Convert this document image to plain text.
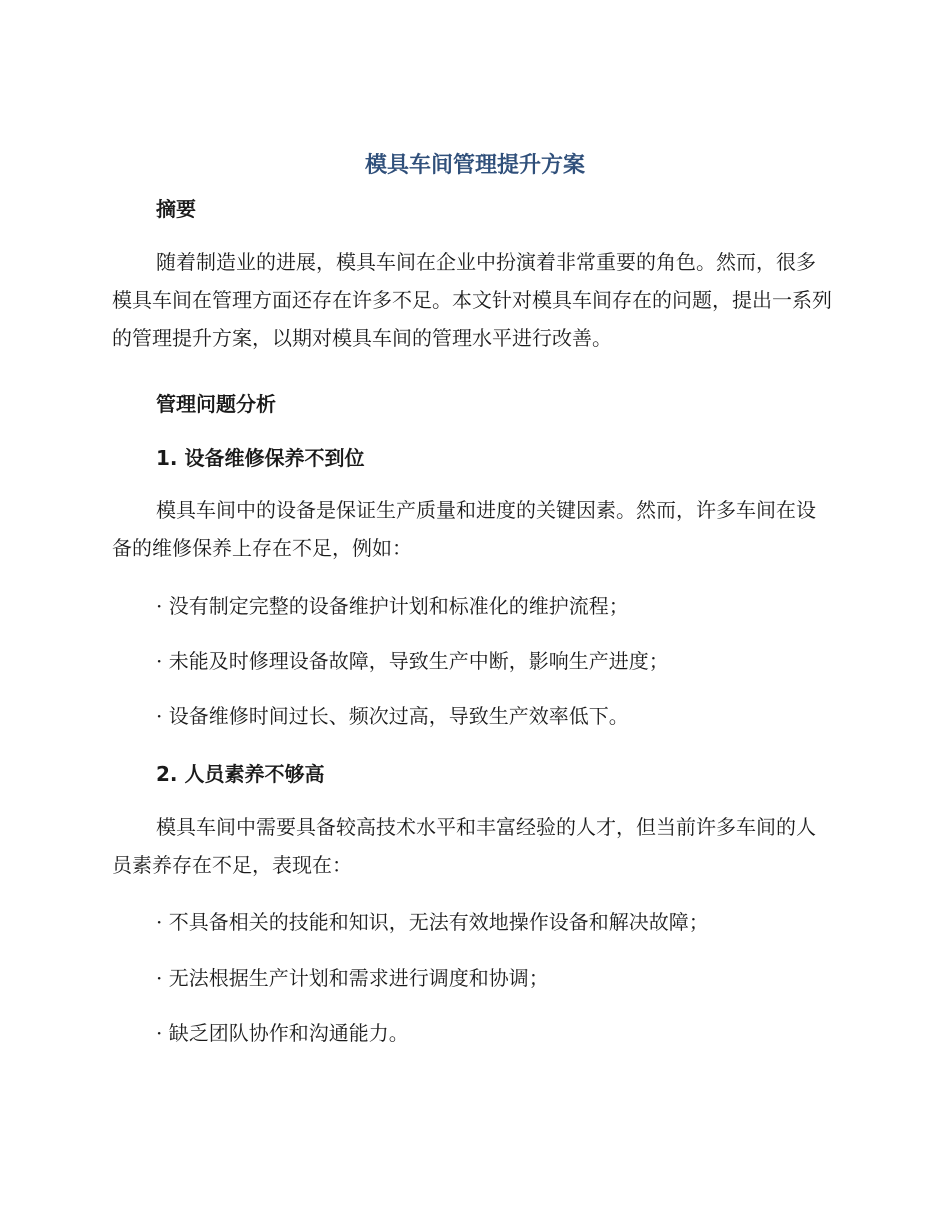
模具车间管理提升方案
摘要
随着制造业的进展，模具车间在企业中扮演着非常重要的角色。然而，很多模具车间在管理方面还存在许多不足。本文针对模具车间存在的问题，提出一系列的管理提升方案，以期对模具车间的管理水平进行改善。
管理问题分析
1. 设备维修保养不到位
模具车间中的设备是保证生产质量和进度的关键因素。然而，许多车间在设备的维修保养上存在不足，例如：
· 没有制定完整的设备维护计划和标准化的维护流程；
· 未能及时修理设备故障，导致生产中断，影响生产进度；
· 设备维修时间过长、频次过高，导致生产效率低下。
2. 人员素养不够高
模具车间中需要具备较高技术水平和丰富经验的人才，但当前许多车间的人员素养存在不足，表现在：
· 不具备相关的技能和知识，无法有效地操作设备和解决故障；
· 无法根据生产计划和需求进行调度和协调；
· 缺乏团队协作和沟通能力。
